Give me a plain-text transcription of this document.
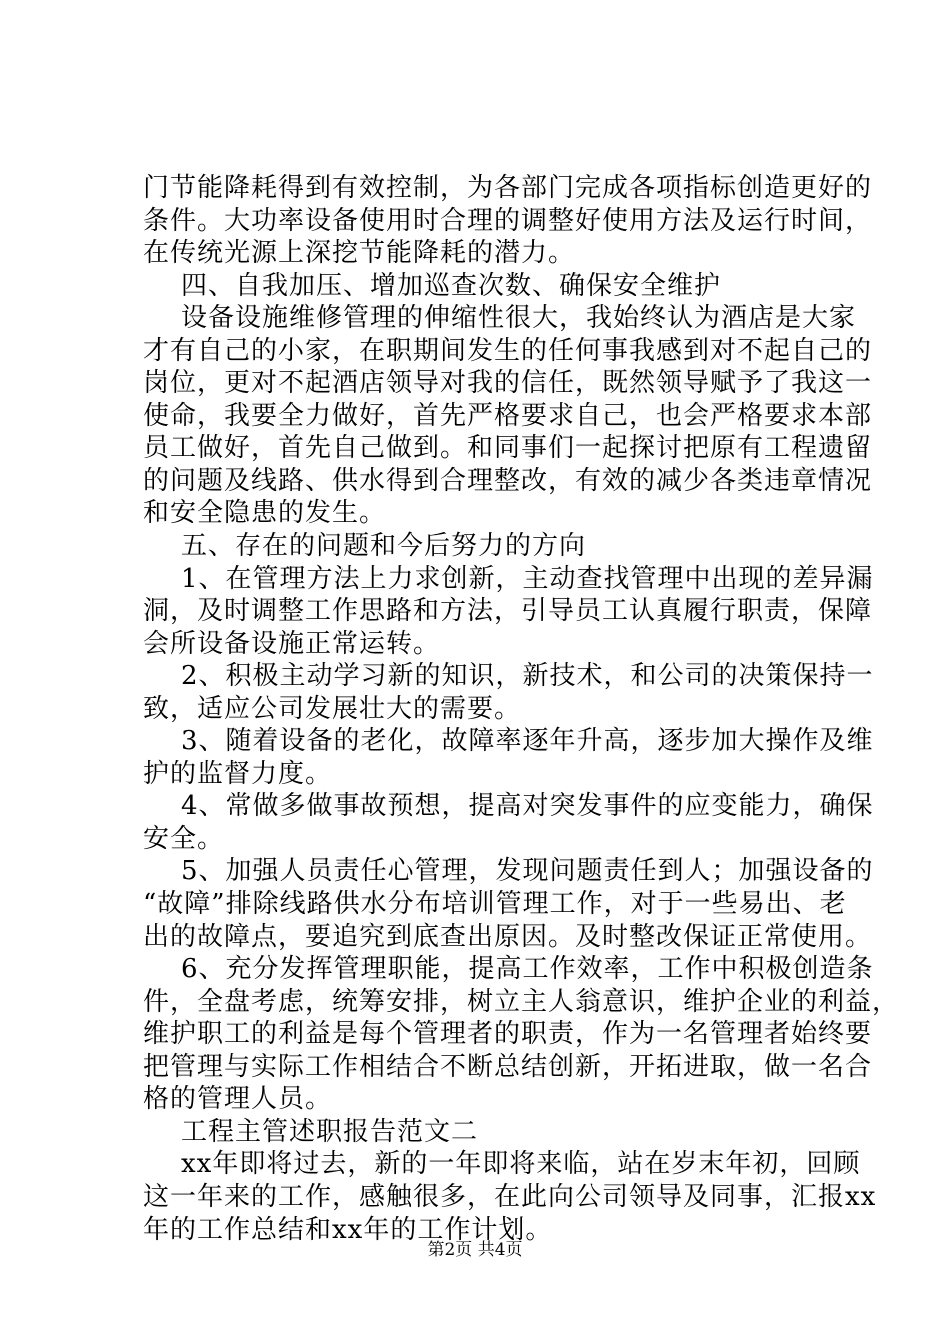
门节能降耗得到有效控制，为各部门完成各项指标创造更好的
条件。大功率设备使用时合理的调整好使用方法及运行时间，
在传统光源上深挖节能降耗的潜力。
四、自我加压、增加巡查次数、确保安全维护
设备设施维修管理的伸缩性很大，我始终认为酒店是大家
才有自己的小家，在职期间发生的任何事我感到对不起自己的
岗位，更对不起酒店领导对我的信任，既然领导赋予了我这一
使命，我要全力做好，首先严格要求自己，也会严格要求本部
员工做好，首先自己做到。和同事们一起探讨把原有工程遗留
的问题及线路、供水得到合理整改，有效的减少各类违章情况
和安全隐患的发生。
五、存在的问题和今后努力的方向
1、在管理方法上力求创新，主动查找管理中出现的差异漏
洞，及时调整工作思路和方法，引导员工认真履行职责，保障
会所设备设施正常运转。
2、积极主动学习新的知识，新技术，和公司的决策保持一
致，适应公司发展壮大的需要。
3、随着设备的老化，故障率逐年升高，逐步加大操作及维
护的监督力度。
4、常做多做事故预想，提高对突发事件的应变能力，确保
安全。
5、加强人员责任心管理，发现问题责任到人；加强设备的
“故障”排除线路供水分布培训管理工作，对于一些易出、老
出的故障点，要追究到底查出原因。及时整改保证正常使用。
6、充分发挥管理职能，提高工作效率，工作中积极创造条
件，全盘考虑，统筹安排，树立主人翁意识，维护企业的利益，
维护职工的利益是每个管理者的职责，作为一名管理者始终要
把管理与实际工作相结合不断总结创新，开拓进取，做一名合
格的管理人员。
工程主管述职报告范文二
xx年即将过去，新的一年即将来临，站在岁末年初，回顾
这一年来的工作，感触很多，在此向公司领导及同事，汇报xx
年的工作总结和xx年的工作计划。
第2页 共4页
